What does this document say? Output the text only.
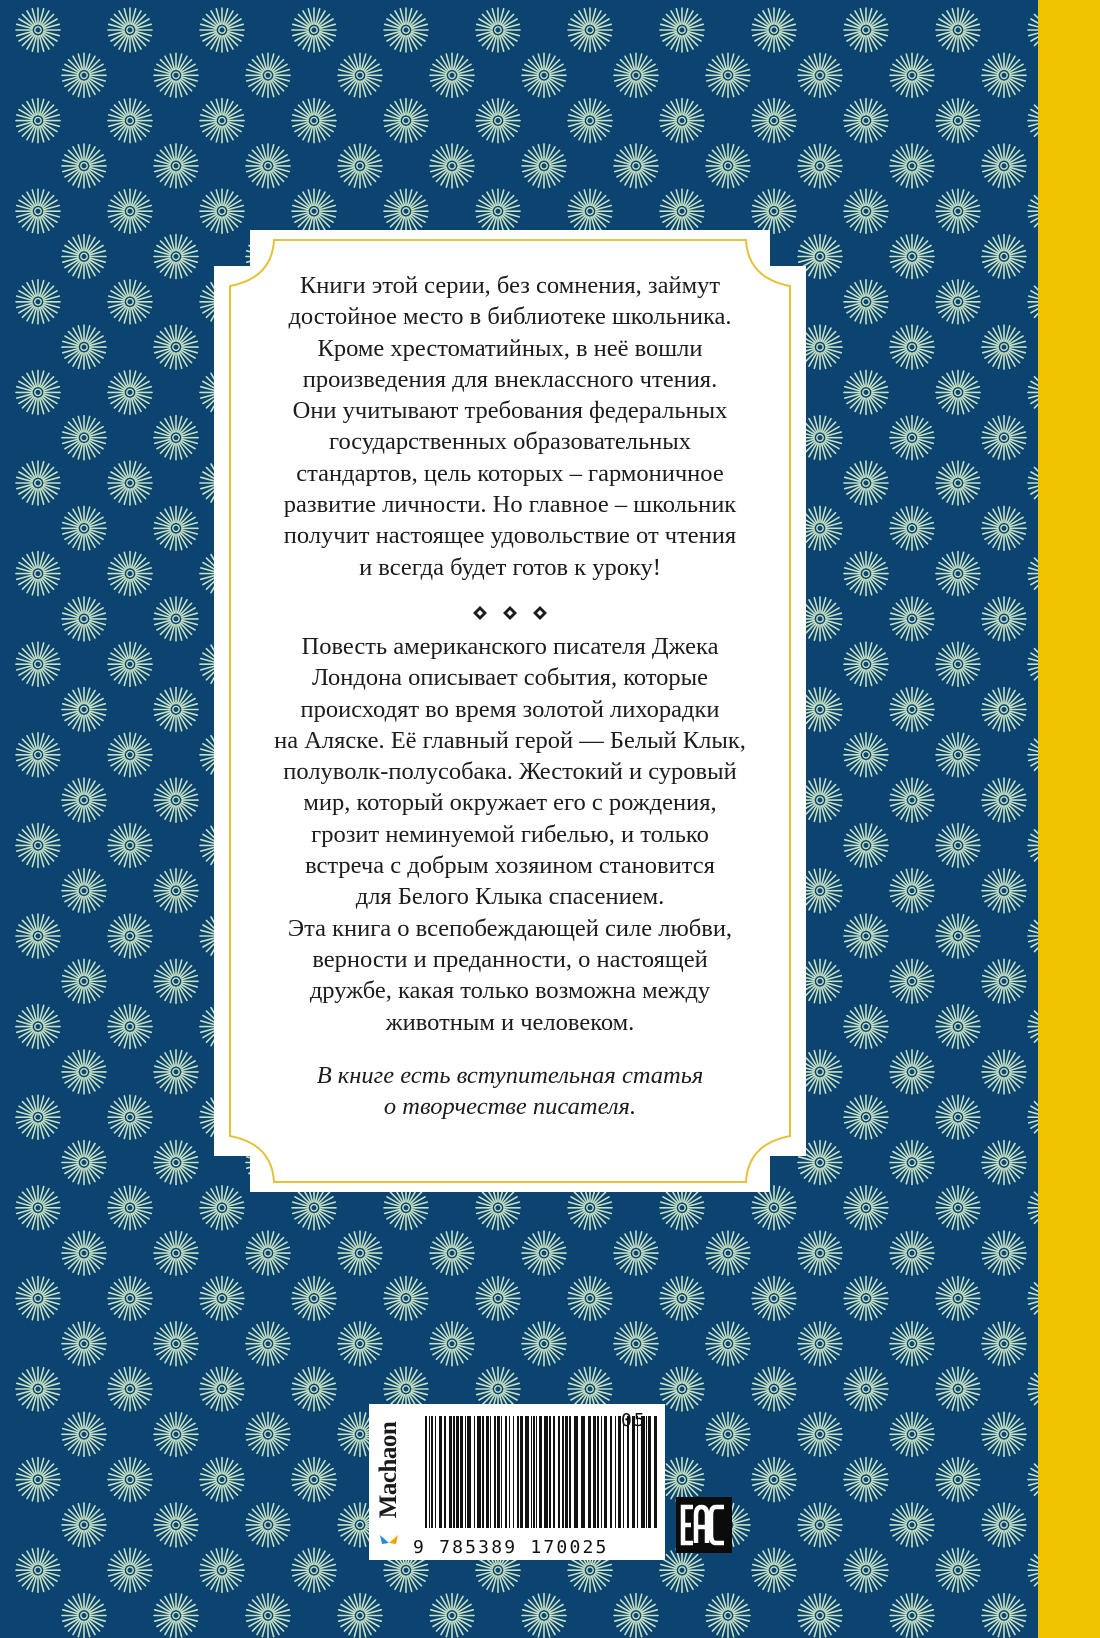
Книги этой серии, без сомнения, займут
достойное место в библиотеке школьника.
Кроме хрестоматийных, в неё вошли
произведения для внеклассного чтения.
Они учитывают требования федеральных
государственных образовательных
стандартов, цель которых – гармоничное
развитие личности. Но главное – школьник
получит настоящее удовольствие от чтения
и всегда будет готов к уроку!

Повесть американского писателя Джека
Лондона описывает события, которые
происходят во время золотой лихорадки
на Аляске. Её главный герой — Белый Клык,
полуволк-полусобака. Жестокий и суровый
мир, который окружает его с рождения,
грозит неминуемой гибелью, и только
встреча с добрым хозяином становится
для Белого Клыка спасением.
Эта книга о всепобеждающей силе любви,
верности и преданности, о настоящей
дружбе, какая только возможна между
животным и человеком.
В книге есть вступительная статья
о творчестве писателя.
Machaon
9 785389 170025
05
